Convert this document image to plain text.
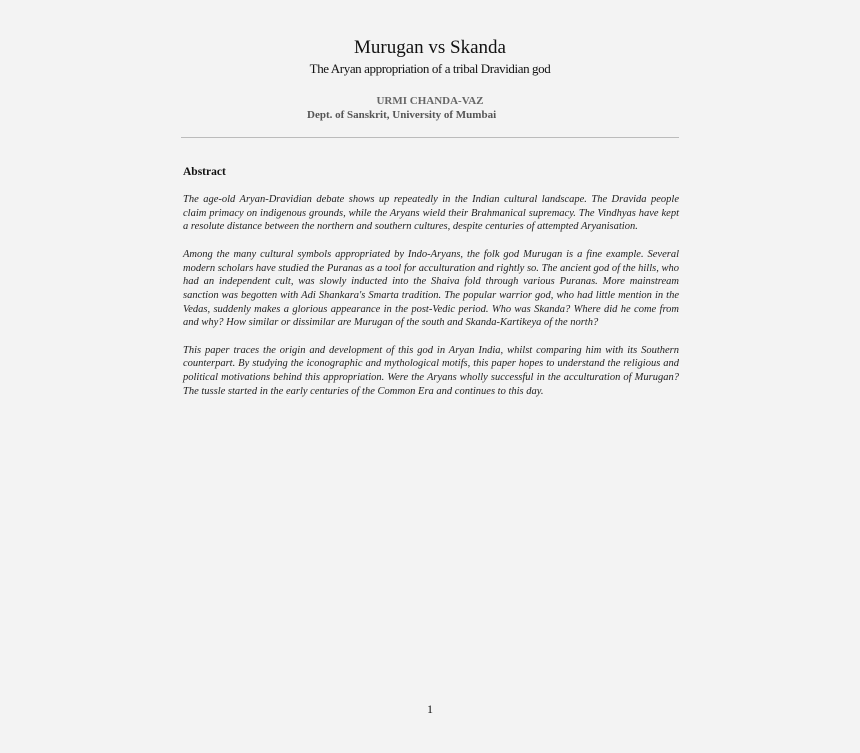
Murugan vs Skanda
The Aryan appropriation of a tribal Dravidian god
URMI CHANDA-VAZ
Dept. of Sanskrit, University of Mumbai
Abstract

The age-old Aryan-Dravidian debate shows up repeatedly in the Indian cultural landscape. The Dravida people claim primacy on indigenous grounds, while the Aryans wield their Brahmanical supremacy. The Vindhyas have kept a resolute distance between the northern and southern cultures, despite centuries of attempted Aryanisation.

Among the many cultural symbols appropriated by Indo-Aryans, the folk god Murugan is a fine example. Several modern scholars have studied the Puranas as a tool for acculturation and rightly so. The ancient god of the hills, who had an independent cult, was slowly inducted into the Shaiva fold through various Puranas. More mainstream sanction was begotten with Adi Shankara's Smarta tradition. The popular warrior god, who had little mention in the Vedas, suddenly makes a glorious appearance in the post-Vedic period. Who was Skanda? Where did he come from and why? How similar or dissimilar are Murugan of the south and Skanda-Kartikeya of the north?

This paper traces the origin and development of this god in Aryan India, whilst comparing him with its Southern counterpart. By studying the iconographic and mythological motifs, this paper hopes to understand the religious and political motivations behind this appropriation. Were the Aryans wholly successful in the acculturation of Murugan? The tussle started in the early centuries of the Common Era and continues to this day.

1
